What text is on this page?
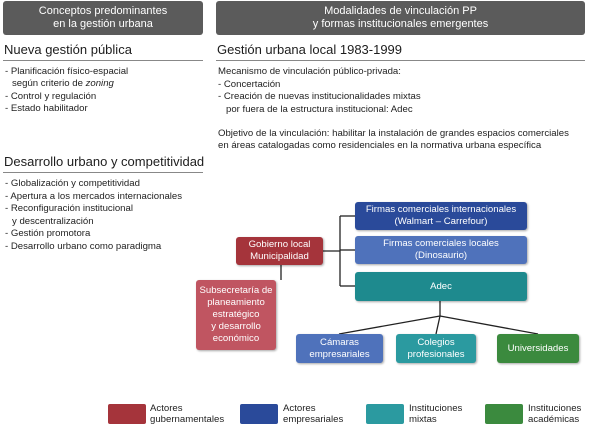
Conceptos predominantes
en la gestión urbana
Modalidades de vinculación PP
y formas institucionales emergentes
Nueva gestión pública
- Planificación físico-espacial
según criterio de zoning
- Control y regulación
- Estado habilitador
Desarrollo urbano y competitividad
- Globalización y competitividad
- Apertura a los mercados internacionales
- Reconfiguración institucional
y descentralización
- Gestión promotora
- Desarrollo urbano como paradigma
Gestión urbana local 1983-1999
Mecanismo de vinculación público-privada:
- Concertación
- Creación de nuevas institucionalidades mixtas
por fuera de la estructura institucional: Adec
Objetivo de la vinculación: habilitar la instalación de grandes espacios comerciales
en áreas catalogadas como residenciales en la normativa urbana específica
Gobierno local
Municipalidad
Subsecretaría de
planeamiento
estratégico
y desarrollo
económico
Firmas comerciales internacionales
(Walmart – Carrefour)
Firmas comerciales locales
(Dinosaurio)
Adec
Cámaras
empresariales
Colegios
profesionales
Universidades
Actores
gubernamentales
Actores
empresariales
Instituciones
mixtas
Instituciones
académicas
